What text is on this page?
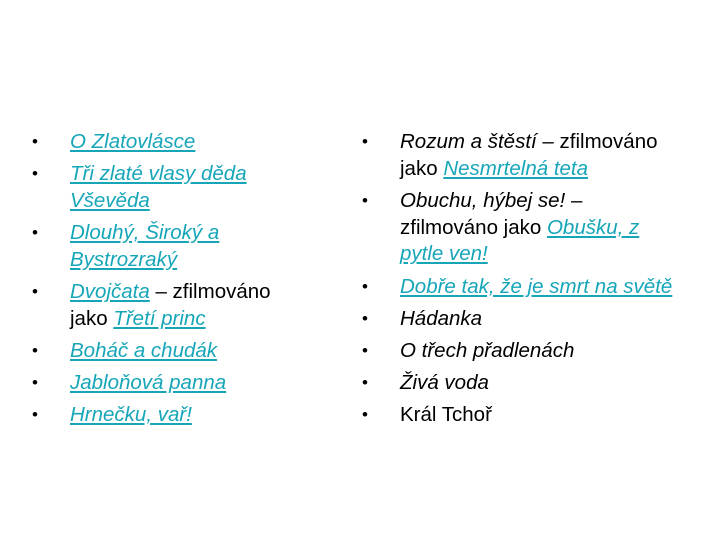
• O Zlatovlásce
• Tři zlaté vlasy děda Vševěda
• Dlouhý, Široký a Bystrozraký
• Dvojčata – zfilmováno jako Třetí princ
• Boháč a chudák
• Jabloňová panna
• Hrnečku, vař!
• Rozum a štěstí – zfilmováno jako Nesmrtelná teta
• Obuchu, hýbej se! – zfilmováno jako Obušku, z pytle ven!
• Dobře tak, že je smrt na světě
• Hádanka
• O třech přadlenách
• Živá voda
• Král Tchoř
